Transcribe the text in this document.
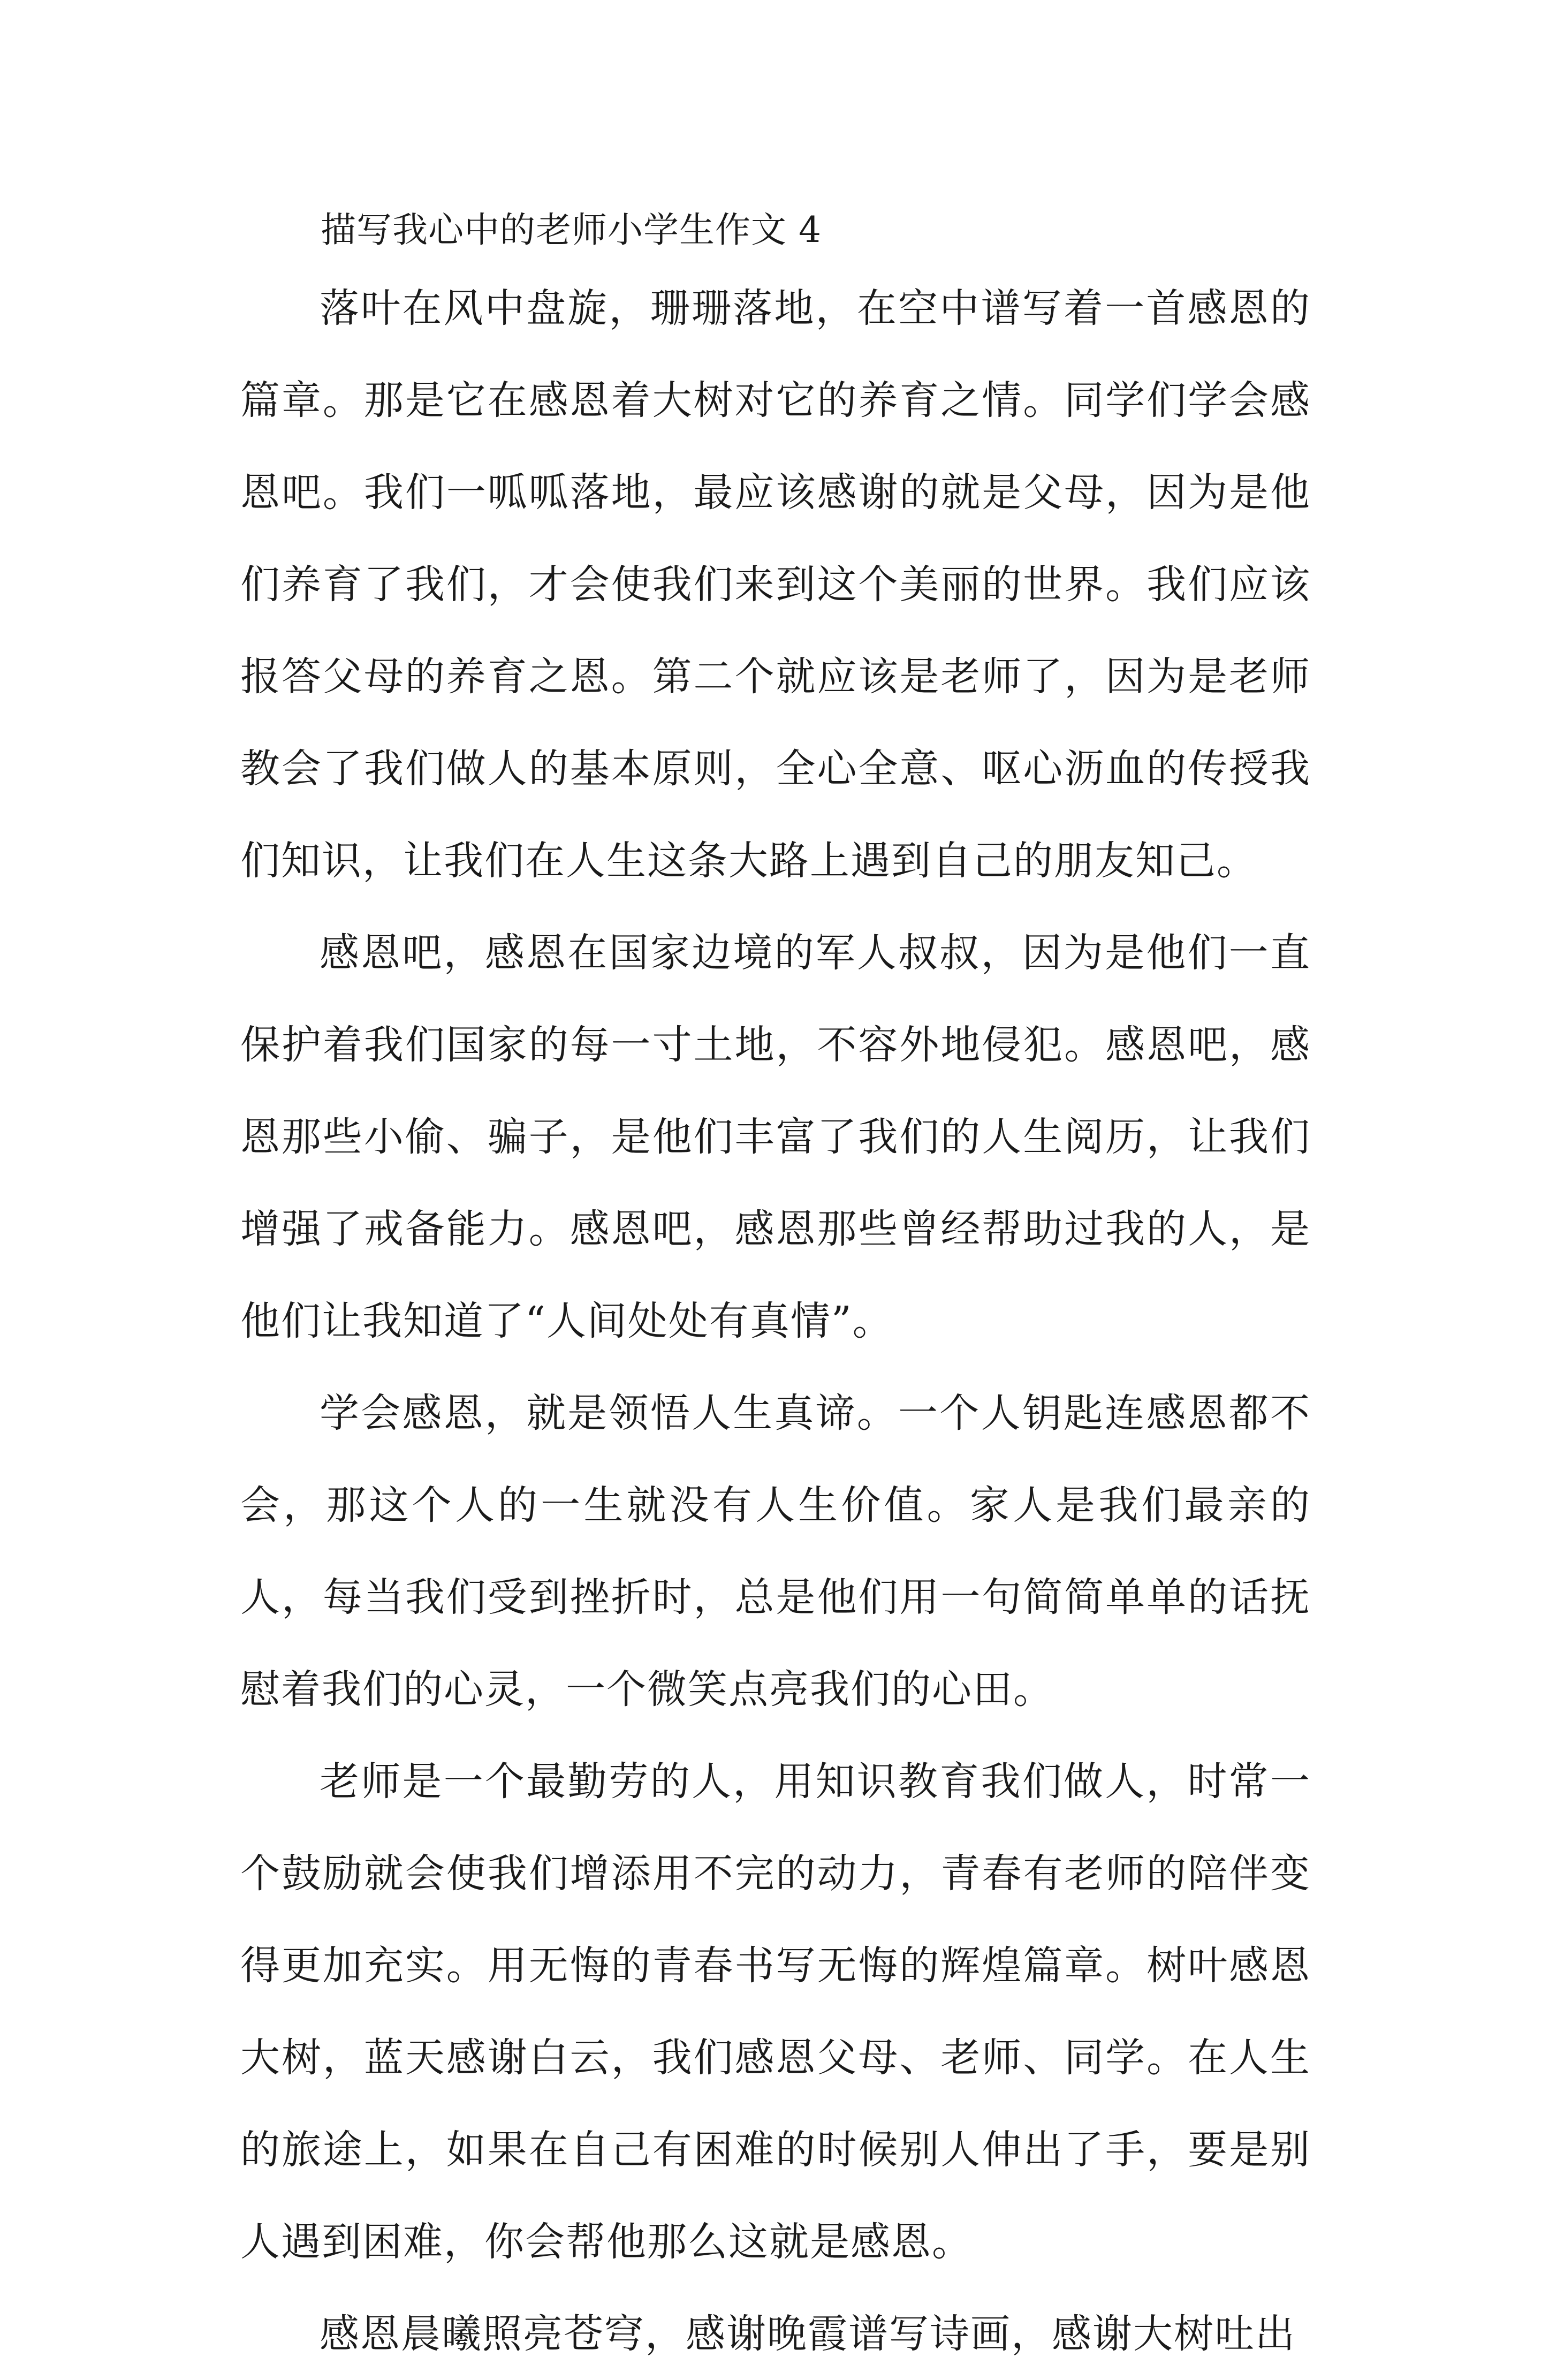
描写我心中的老师小学生作文 4

落叶在风中盘旋，珊珊落地，在空中谱写着一首感恩的篇章。那是它在感恩着大树对它的养育之情。同学们学会感恩吧。我们一呱呱落地，最应该感谢的就是父母，因为是他们养育了我们，才会使我们来到这个美丽的世界。我们应该报答父母的养育之恩。第二个就应该是老师了，因为是老师教会了我们做人的基本原则，全心全意、呕心沥血的传授我们知识，让我们在人生这条大路上遇到自己的朋友知己。

感恩吧，感恩在国家边境的军人叔叔，因为是他们一直保护着我们国家的每一寸土地，不容外地侵犯。感恩吧，感恩那些小偷、骗子，是他们丰富了我们的人生阅历，让我们增强了戒备能力。感恩吧，感恩那些曾经帮助过我的人，是他们让我知道了“人间处处有真情”。

学会感恩，就是领悟人生真谛。一个人钥匙连感恩都不会，那这个人的一生就没有人生价值。家人是我们最亲的人，每当我们受到挫折时，总是他们用一句简简单单的话抚慰着我们的心灵，一个微笑点亮我们的心田。

老师是一个最勤劳的人，用知识教育我们做人，时常一个鼓励就会使我们增添用不完的动力，青春有老师的陪伴变得更加充实。用无悔的青春书写无悔的辉煌篇章。树叶感恩大树，蓝天感谢白云，我们感恩父母、老师、同学。在人生的旅途上，如果在自己有困难的时候别人伸出了手，要是别人遇到困难，你会帮他那么这就是感恩。

感恩晨曦照亮苍穹，感谢晚霞谱写诗画，感谢大树吐出
